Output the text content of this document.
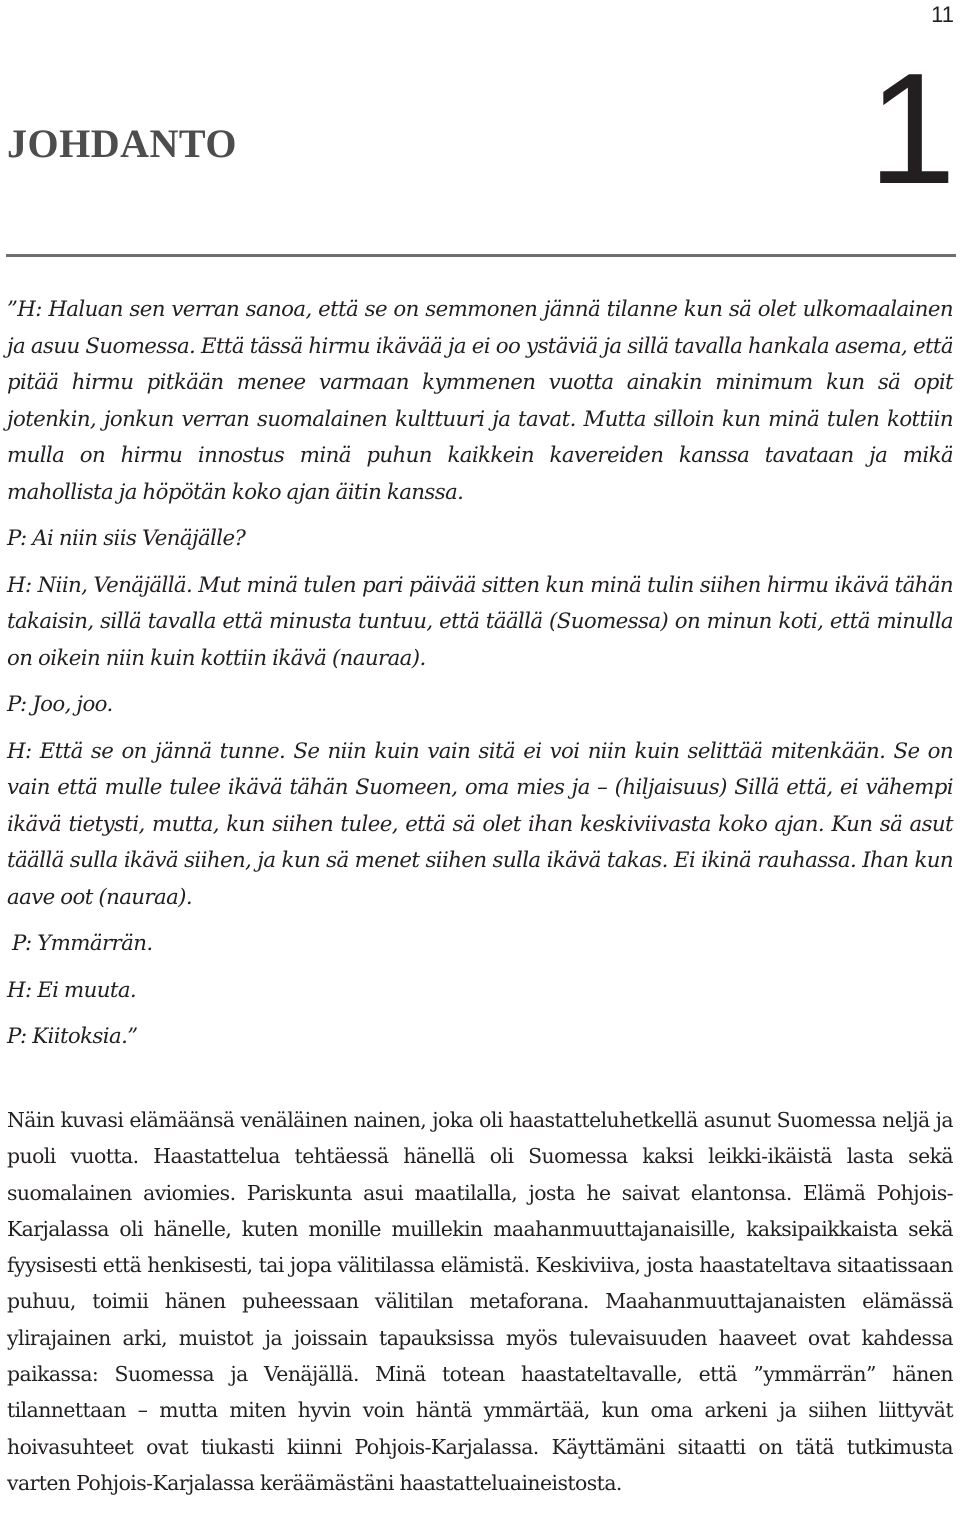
11
JOHDANTO	1

”H: Haluan sen verran sanoa, että se on semmonen jännä tilanne kun sä olet ulkomaalainen ja asuu Suomessa. Että tässä hirmu ikävää ja ei oo ystäviä ja sillä tavalla hankala asema, että pitää hirmu pitkään menee varmaan kymmenen vuotta ainakin minimum kun sä opit jotenkin, jonkun verran suomalainen kulttuuri ja tavat. Mutta silloin kun minä tulen kottiin mulla on hirmu innostus minä puhun kaikkein kavereiden kanssa tavataan ja mikä mahollista ja höpötän koko ajan äitin kanssa.

P: Ai niin siis Venäjälle?

H: Niin, Venäjällä. Mut minä tulen pari päivää sitten kun minä tulin siihen hirmu ikävä tähän takaisin, sillä tavalla että minusta tuntuu, että täällä (Suomessa) on minun koti, että minulla on oikein niin kuin kottiin ikävä (nauraa).

P: Joo, joo.

H: Että se on jännä tunne. Se niin kuin vain sitä ei voi niin kuin selittää mitenkään. Se on vain että mulle tulee ikävä tähän Suomeen, oma mies ja – (hiljaisuus) Sillä että, ei vähempi ikävä tietysti, mutta, kun siihen tulee, että sä olet ihan keskiviivasta koko ajan. Kun sä asut täällä sulla ikävä siihen, ja kun sä menet siihen sulla ikävä takas. Ei ikinä rauhassa. Ihan kun aave oot (nauraa).

P: Ymmärrän.

H: Ei muuta.

P: Kiitoksia.”

Näin kuvasi elämäänsä venäläinen nainen, joka oli haastatteluhetkellä asunut Suomessa neljä ja puoli vuotta. Haastattelua tehtäessä hänellä oli Suomessa kaksi leikki-ikäistä lasta sekä suomalainen aviomies. Pariskunta asui maatilalla, josta he saivat elantonsa. Elämä Pohjois-Karjalassa oli hänelle, kuten monille muillekin maahanmuuttajanaisille, kaksipaikkaista sekä fyysisesti että henkisesti, tai jopa välitilassa elämistä. Keskiviiva, josta haastateltava sitaatissaan puhuu, toimii hänen puheessaan välitilan metaforana. Maahanmuuttajanaisten elämässä ylirajainen arki, muistot ja joissain tapauksissa myös tulevaisuuden haaveet ovat kahdessa paikassa: Suomessa ja Venäjällä. Minä totean haastateltavalle, että ”ymmärrän” hänen tilannettaan – mutta miten hyvin voin häntä ymmärtää, kun oma arkeni ja siihen liittyvät hoivasuhteet ovat tiukasti kiinni Pohjois-Karjalassa. Käyttämäni sitaatti on tätä tutkimusta varten Pohjois-Karjalassa keräämästäni haastatteluaineistosta.
